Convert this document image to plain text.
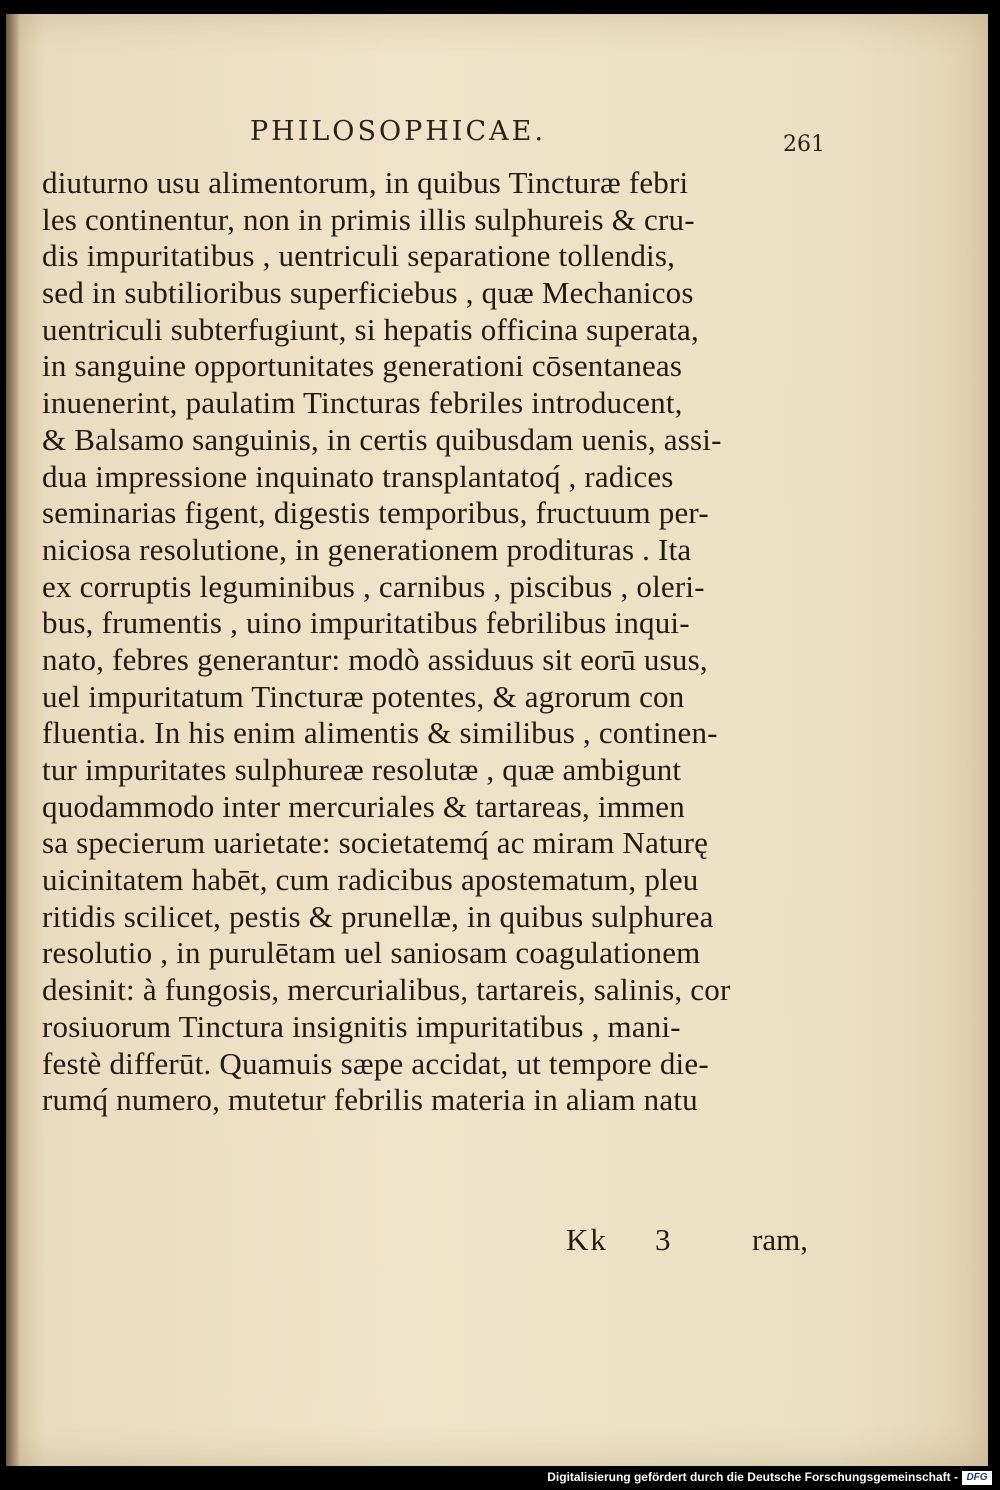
PHILOSOPHICAE.	261
diuturno usu alimentorum, in quibus Tincturæ febri
les continentur, non in primis illis sulphureis & cru-
dis impuritatibus , uentriculi separatione tollendis,
sed in subtilioribus superficiebus , quæ Mechanicos
uentriculi subterfugiunt, si hepatis officina superata,
in sanguine opportunitates generationi cōsentaneas
inuenerint, paulatim Tincturas febriles introducent,
& Balsamo sanguinis, in certis quibusdam uenis, assi-
dua impressione inquinato transplantatoq́ , radices
seminarias figent, digestis temporibus, fructuum per-
niciosa resolutione, in generationem prodituras . Ita
ex corruptis leguminibus , carnibus , piscibus , oleri-
bus, frumentis , uino impuritatibus febrilibus inqui-
nato, febres generantur: modò assiduus sit eorū usus,
uel impuritatum Tincturæ potentes, & agrorum con
fluentia. In his enim alimentis & similibus , continen-
tur impuritates sulphureæ resolutæ , quæ ambigunt
quodammodo inter mercuriales & tartareas, immen
sa specierum uarietate: societatemq́ ac miram Naturę
uicinitatem habēt, cum radicibus apostematum, pleu
ritidis scilicet, pestis & prunellæ, in quibus sulphurea
resolutio , in purulētam uel saniosam coagulationem
desinit: à fungosis, mercurialibus, tartareis, salinis, cor
rosiuorum Tinctura insignitis impuritatibus , mani-
festè differūt. Quamuis sæpe accidat, ut tempore die-
rumq́ numero, mutetur febrilis materia in aliam natu
Kk 3	ram,
Digitalisierung gefördert durch die Deutsche Forschungsgemeinschaft - DFG
